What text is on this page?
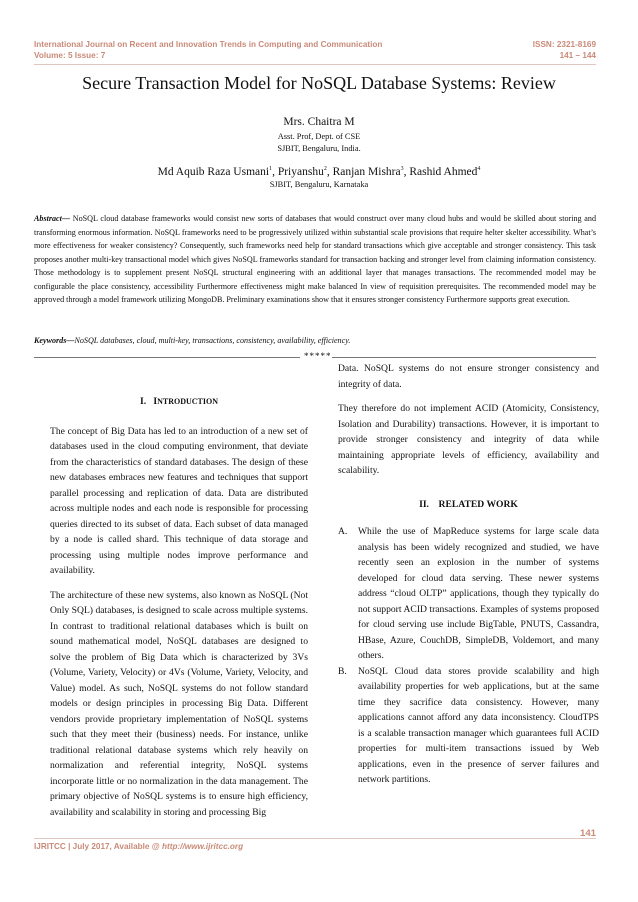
International Journal on Recent and Innovation Trends in Computing and Communication
Volume: 5 Issue: 7
ISSN: 2321-8169
141 – 144
Secure Transaction Model for NoSQL Database Systems: Review
Mrs. Chaitra M
Asst. Prof, Dept. of CSE
SJBIT, Bengaluru, India.
Md Aquib Raza Usmani$^1$, Priyanshu$^2$, Ranjan Mishra$^3$, Rashid Ahmed$^4$
SJBIT, Bengaluru, Karnataka
Abstract— NoSQL cloud database frameworks would consist new sorts of databases that would construct over many cloud hubs and would be skilled about storing and transforming enormous information. NoSQL frameworks need to be progressively utilized within substantial scale provisions that require helter skelter accessibility. What’s more effectiveness for weaker consistency? Consequently, such frameworks need help for standard transactions which give acceptable and stronger consistency. This task proposes another multi-key transactional model which gives NoSQL frameworks standard for transaction backing and stronger level from claiming information consistency. Those methodology is to supplement present NoSQL structural engineering with an additional layer that manages transactions. The recommended model may be configurable the place consistency, accessibility Furthermore effectiveness might make balanced In view of requisition prerequisites. The recommended model may be approved through a model framework utilizing MongoDB. Preliminary examinations show that it ensures stronger consistency Furthermore supports great execution.
Keywords—NoSQL databases, cloud, multi-key, transactions, consistency, availability, efficiency.
*****
I. INTRODUCTION

The concept of Big Data has led to an introduction of a new set of databases used in the cloud computing environment, that deviate from the characteristics of standard databases. The design of these new databases embraces new features and techniques that support parallel processing and replication of data. Data are distributed across multiple nodes and each node is responsible for processing queries directed to its subset of data. Each subset of data managed by a node is called shard. This technique of data storage and processing using multiple nodes improve performance and availability.

The architecture of these new systems, also known as NoSQL (Not Only SQL) databases, is designed to scale across multiple systems. In contrast to traditional relational databases which is built on sound mathematical model, NoSQL databases are designed to solve the problem of Big Data which is characterized by 3Vs (Volume, Variety, Velocity) or 4Vs (Volume, Variety, Velocity, and Value) model. As such, NoSQL systems do not follow standard models or design principles in processing Big Data. Different vendors provide proprietary implementation of NoSQL systems such that they meet their (business) needs. For instance, unlike traditional relational database systems which rely heavily on normalization and referential integrity, NoSQL systems incorporate little or no normalization in the data management. The primary objective of NoSQL systems is to ensure high efficiency, availability and scalability in storing and processing Big

Data. NoSQL systems do not ensure stronger consistency and integrity of data.

They therefore do not implement ACID (Atomicity, Consistency, Isolation and Durability) transactions. However, it is important to provide stronger consistency and integrity of data while maintaining appropriate levels of efficiency, availability and scalability.

II.    RELATED WORK
A. While the use of MapReduce systems for large scale data analysis has been widely recognized and studied, we have recently seen an explosion in the number of systems developed for cloud data serving. These newer systems address “cloud OLTP” applications, though they typically do not support ACID transactions. Examples of systems proposed for cloud serving use include BigTable, PNUTS, Cassandra, HBase, Azure, CouchDB, SimpleDB, Voldemort, and many others.
B. NoSQL Cloud data stores provide scalability and high availability properties for web applications, but at the same time they sacrifice data consistency. However, many applications cannot afford any data inconsistency. CloudTPS is a scalable transaction manager which guarantees full ACID properties for multi-item transactions issued by Web applications, even in the presence of server failures and network partitions.
141
IJRITCC | July 2017, Available @ http://www.ijritcc.org
